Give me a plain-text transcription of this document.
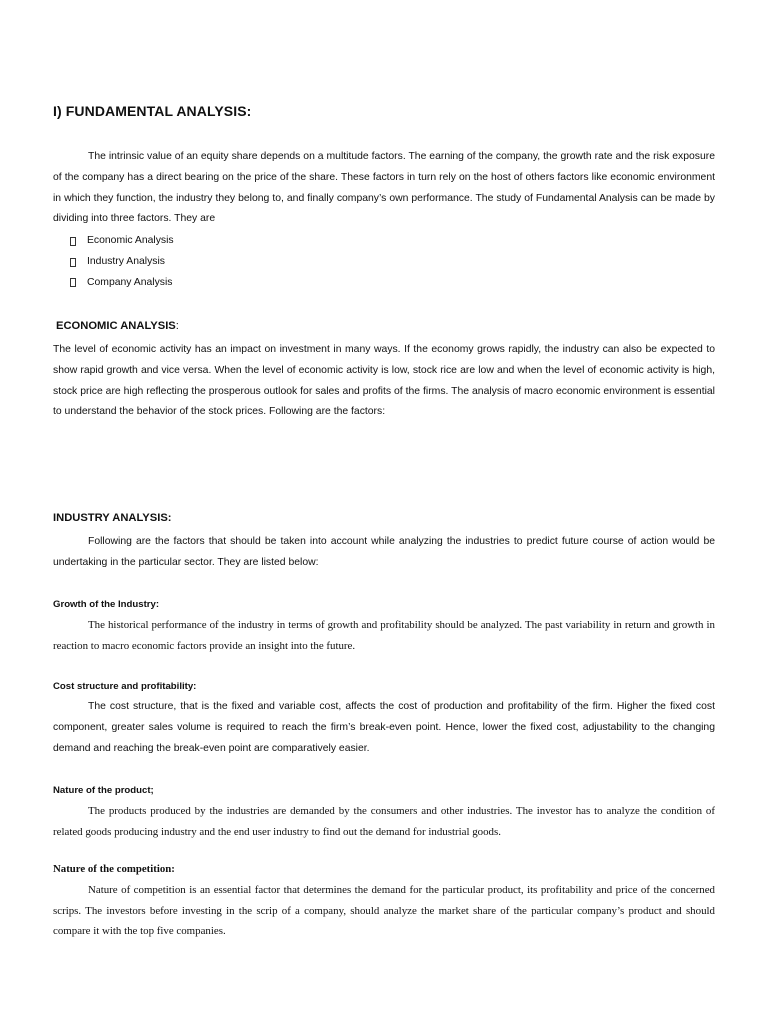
I) FUNDAMENTAL ANALYSIS:

The intrinsic value of an equity share depends on a multitude factors. The earning of the company, the growth rate and the risk exposure of the company has a direct bearing on the price of the share. These factors in turn rely on the host of others factors like economic environment in which they function, the industry they belong to, and finally company’s own performance. The study of Fundamental Analysis can be made by dividing into three factors. They are

Economic Analysis
Industry Analysis
Company Analysis
ECONOMIC ANALYSIS:

The level of economic activity has an impact on investment in many ways. If the economy grows rapidly, the industry can also be expected to show rapid growth and vice versa. When the level of economic activity is low, stock rice are low and when the level of economic activity is high, stock price are high reflecting the prosperous outlook for sales and profits of the firms. The analysis of macro economic environment is essential to understand the behavior of the stock prices. Following are the factors:

INDUSTRY ANALYSIS:

Following are the factors that should be taken into account while analyzing the industries to predict future course of action would be undertaking in the particular sector. They are listed below:

Growth of the Industry:

The historical performance of the industry in terms of growth and profitability should be analyzed. The past variability in return and growth in reaction to macro economic factors provide an insight into the future.

Cost structure and profitability:

The cost structure, that is the fixed and variable cost, affects the cost of production and profitability of the firm. Higher the fixed cost component, greater sales volume is required to reach the firm’s break-even point. Hence, lower the fixed cost, adjustability to the changing demand and reaching the break-even point are comparatively easier.

Nature of the product;

The products produced by the industries are demanded by the consumers and other industries. The investor has to analyze the condition of related goods producing industry and the end user industry to find out the demand for industrial goods.

Nature of the competition:

Nature of competition is an essential factor that determines the demand for the particular product, its profitability and price of the concerned scrips. The investors before investing in the scrip of a company, should analyze the market share of the particular company’s product and should compare it with the top five companies.
